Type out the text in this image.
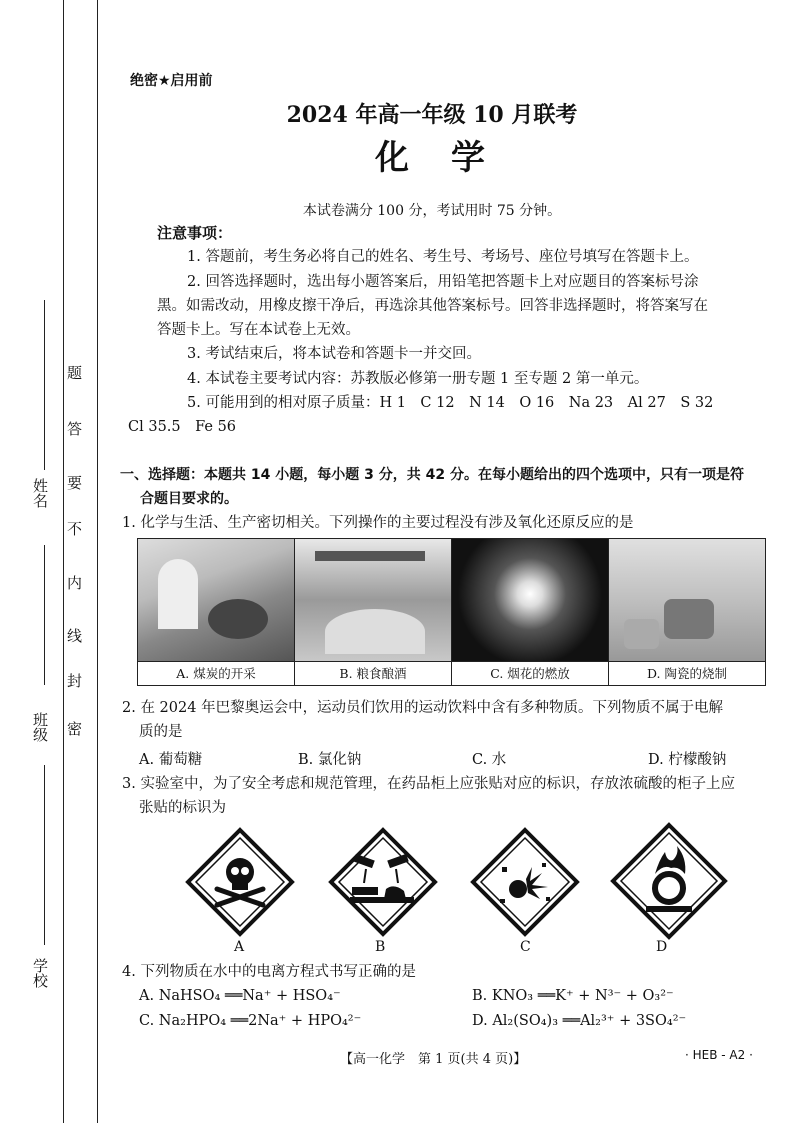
姓名
班级
学校
题
答
要
不
内
线
封
密
绝密★启用前
2024 年高一年级 10 月联考
化　学
本试卷满分 100 分，考试用时 75 分钟。
注意事项：
1. 答题前，考生务必将自己的姓名、考生号、考场号、座位号填写在答题卡上。
2. 回答选择题时，选出每小题答案后，用铅笔把答题卡上对应题目的答案标号涂
黑。如需改动，用橡皮擦干净后，再选涂其他答案标号。回答非选择题时，将答案写在
答题卡上。写在本试卷上无效。
3. 考试结束后，将本试卷和答题卡一并交回。
4. 本试卷主要考试内容：苏教版必修第一册专题 1 至专题 2 第一单元。
5. 可能用到的相对原子质量：H 1　C 12　N 14　O 16　Na 23　Al 27　S 32
Cl 35.5　Fe 56
一、选择题：本题共 14 小题，每小题 3 分，共 42 分。在每小题给出的四个选项中，只有一项是符
合题目要求的。
1. 化学与生活、生产密切相关。下列操作的主要过程没有涉及氧化还原反应的是
A. 煤炭的开采	B. 粮食酿酒	C. 烟花的燃放	D. 陶瓷的烧制
2. 在 2024 年巴黎奥运会中，运动员们饮用的运动饮料中含有多种物质。下列物质不属于电解
质的是
A. 葡萄糖	B. 氯化钠	C. 水	D. 柠檬酸钠
3. 实验室中，为了安全考虑和规范管理，在药品柜上应张贴对应的标识，存放浓硫酸的柜子上应
张贴的标识为
A	B	C	D
4. 下列物质在水中的电离方程式书写正确的是
A. NaHSO₄ ══Na⁺ + HSO₄⁻	B. KNO₃ ══K⁺ + N³⁻ + O₃²⁻
C. Na₂HPO₄ ══2Na⁺ + HPO₄²⁻	D. Al₂(SO₄)₃ ══Al₂³⁺ + 3SO₄²⁻
【高一化学　第 1 页(共 4 页)】	· HEB - A2 ·
